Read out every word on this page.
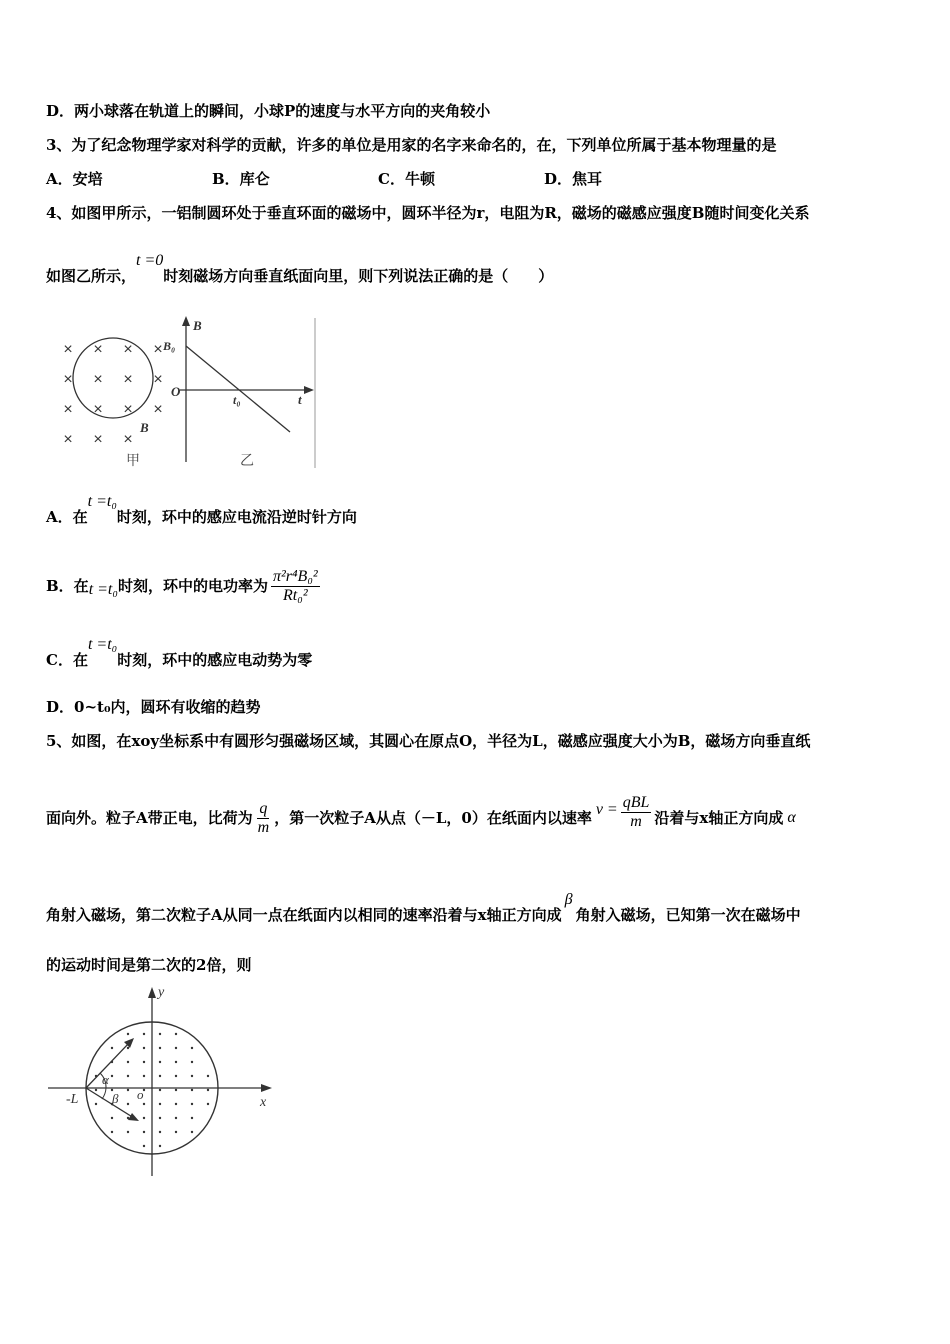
D．两小球落在轨道上的瞬间，小球P的速度与水平方向的夹角较小
3、为了纪念物理学家对科学的贡献，许多的单位是用家的名字来命名的，在，下列单位所属于基本物理量的是
A．安培	B．库仑	C．牛顿	D．焦耳
4、如图甲所示，一铝制圆环处于垂直环面的磁场中，圆环半径为r，电阻为R，磁场的磁感应强度B随时间变化关系
如图乙所示，t =0时刻磁场方向垂直纸面向里，则下列说法正确的是（　　）
× × × ×
× × × ×
× × × ×
× × ×
B
甲
B
B₀
O
t₀	t
乙
A．在t =t₀时刻，环中的感应电流沿逆时针方向
B．在 t =t₀ 时刻，环中的电功率为 $\frac{\text{π²r⁴B₀²}}{\text{Rt₀²}}$
C．在t =t₀时刻，环中的感应电动势为零
D．0~t₀内，圆环有收缩的趋势
5、如图，在xoy坐标系中有圆形匀强磁场区域，其圆心在原点O，半径为L，磁感应强度大小为B，磁场方向垂直纸
面向外。粒子A带正电，比荷为 $\frac{q}{m}$ ，第一次粒子A从点（－L，0）在纸面内以速率 $v = \frac{\text{qBL}}{m}$ 沿着与x轴正方向成 α
角射入磁场，第二次粒子A从同一点在纸面内以相同的速率沿着与x轴正方向成β角射入磁场，已知第一次在磁场中
的运动时间是第二次的2倍，则
y
x
-L	o
α
β
